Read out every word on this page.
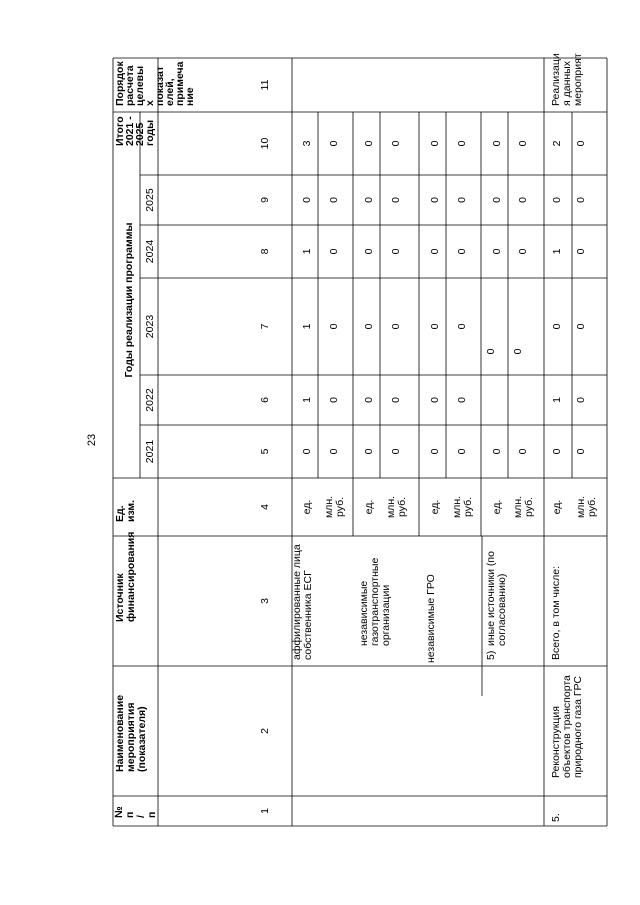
23
№ п / п
Наименование мероприятия (показателя)
Источник финансирования
Ед. изм.
Годы реализации программы
2021
2022
2023
2024
2025
Итого
2021 -
2025
годы
Порядок
расчета
целевы
х
показат
елей,
примеча
ние
1
2
3
4
5
6
7
8
9
10
11
аффилированные лица собственника ЕСГ
ед. млн. руб.
0
1
1
1
0
3
0
0
0
0
0
0
независимые газотранспортные организации
ед. млн. руб.
0
0
0
0
0
0
0
0
0
0
0
0
независимые ГРО
ед. млн. руб.
0
0
0
0
0
0
0
0
0
0
0
0
5)
иные источники (по согласованию)
ед. млн. руб.
0
0
0
0
0
0
0
0
0
0
5.
Реконструкция объектов транспорта природного газа ГРС
Всего, в том числе:
ед. млн. руб.
0
1
0
1
0
2
0
0
0
0
0
0
Реализаци я данных мероприят
